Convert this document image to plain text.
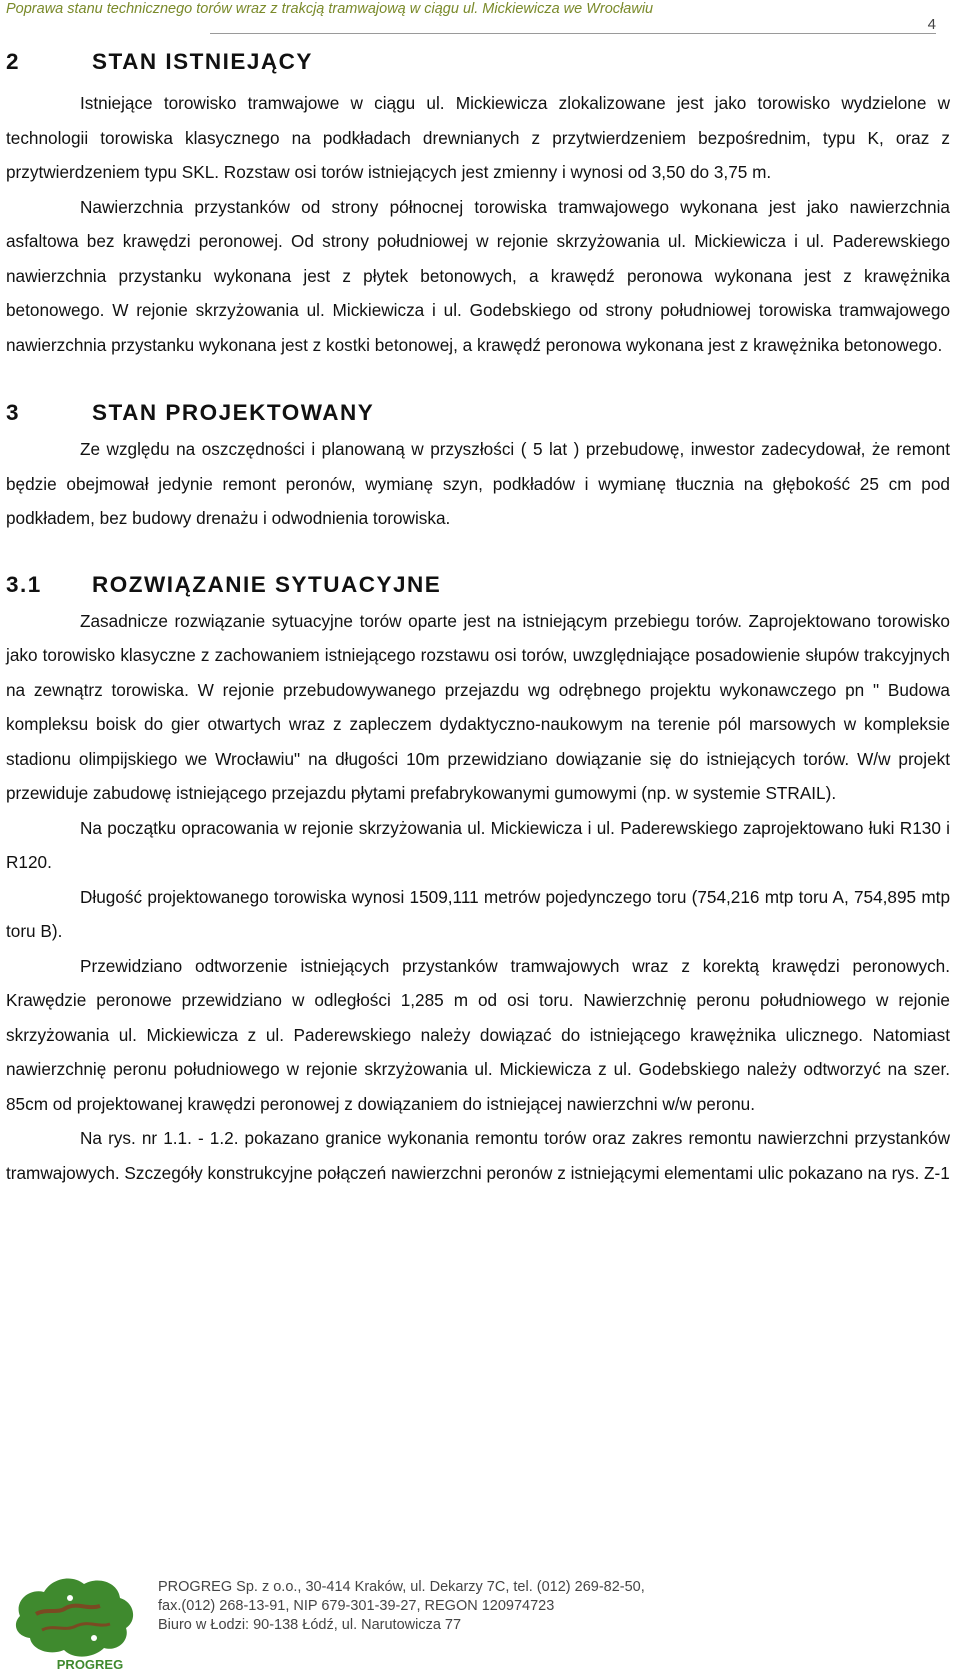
Poprawa stanu technicznego torów wraz z trakcją tramwajową w ciągu ul. Mickiewicza we Wrocławiu
4
2	STAN ISTNIEJĄCY

Istniejące torowisko tramwajowe w ciągu ul. Mickiewicza zlokalizowane jest jako torowisko wydzielone w technologii torowiska klasycznego na podkładach drewnianych z przytwierdzeniem bezpośrednim, typu K, oraz z przytwierdzeniem typu SKL. Rozstaw osi torów istniejących jest zmienny i wynosi od 3,50 do 3,75 m.

Nawierzchnia przystanków od strony północnej torowiska tramwajowego wykonana jest jako nawierzchnia asfaltowa bez krawędzi peronowej. Od strony południowej w rejonie skrzyżowania ul. Mickiewicza i ul. Paderewskiego nawierzchnia przystanku wykonana jest z płytek betonowych, a krawędź peronowa wykonana jest z krawężnika betonowego. W rejonie skrzyżowania ul. Mickiewicza i ul. Godebskiego od strony południowej torowiska tramwajowego nawierzchnia przystanku wykonana jest z kostki betonowej, a krawędź peronowa wykonana jest z krawężnika betonowego.

3	STAN PROJEKTOWANY

Ze względu na oszczędności i planowaną w przyszłości ( 5 lat ) przebudowę, inwestor zadecydował, że remont będzie obejmował jedynie remont peronów, wymianę szyn, podkładów i wymianę tłucznia na głębokość 25 cm pod podkładem, bez budowy drenażu i odwodnienia torowiska.

3.1	ROZWIĄZANIE SYTUACYJNE

Zasadnicze rozwiązanie sytuacyjne torów oparte jest na istniejącym przebiegu torów. Zaprojektowano torowisko jako torowisko klasyczne z zachowaniem istniejącego rozstawu osi torów, uwzględniające posadowienie słupów trakcyjnych na zewnątrz torowiska. W rejonie przebudowywanego przejazdu wg odrębnego projektu wykonawczego pn " Budowa kompleksu boisk do gier otwartych wraz z zapleczem dydaktyczno-naukowym na terenie pól marsowych w kompleksie stadionu olimpijskiego we Wrocławiu" na długości 10m przewidziano dowiązanie się do istniejących torów. W/w projekt przewiduje zabudowę istniejącego przejazdu płytami prefabrykowanymi gumowymi (np. w systemie STRAIL).

Na początku opracowania w rejonie skrzyżowania ul. Mickiewicza i ul. Paderewskiego zaprojektowano łuki R130 i R120.

Długość projektowanego torowiska wynosi 1509,111 metrów pojedynczego toru (754,216 mtp toru A, 754,895 mtp toru B).

Przewidziano odtworzenie istniejących przystanków tramwajowych wraz z korektą krawędzi peronowych. Krawędzie peronowe przewidziano w odległości 1,285 m od osi toru. Nawierzchnię peronu południowego w rejonie skrzyżowania ul. Mickiewicza z ul. Paderewskiego należy dowiązać do istniejącego krawężnika ulicznego. Natomiast nawierzchnię peronu południowego w rejonie skrzyżowania ul. Mickiewicza z ul. Godebskiego należy odtworzyć na szer. 85cm od projektowanej krawędzi peronowej z dowiązaniem do istniejącej nawierzchni w/w peronu.

Na rys. nr 1.1. - 1.2. pokazano granice wykonania remontu torów oraz zakres remontu nawierzchni przystanków tramwajowych. Szczegóły konstrukcyjne połączeń nawierzchni peronów z istniejącymi elementami ulic pokazano na rys. Z-1

PROGREG
PROGREG Sp. z o.o., 30-414 Kraków, ul. Dekarzy 7C, tel. (012) 269-82-50,
fax.(012) 268-13-91, NIP 679-301-39-27, REGON 120974723
Biuro w Łodzi: 90-138 Łódź, ul. Narutowicza 77
